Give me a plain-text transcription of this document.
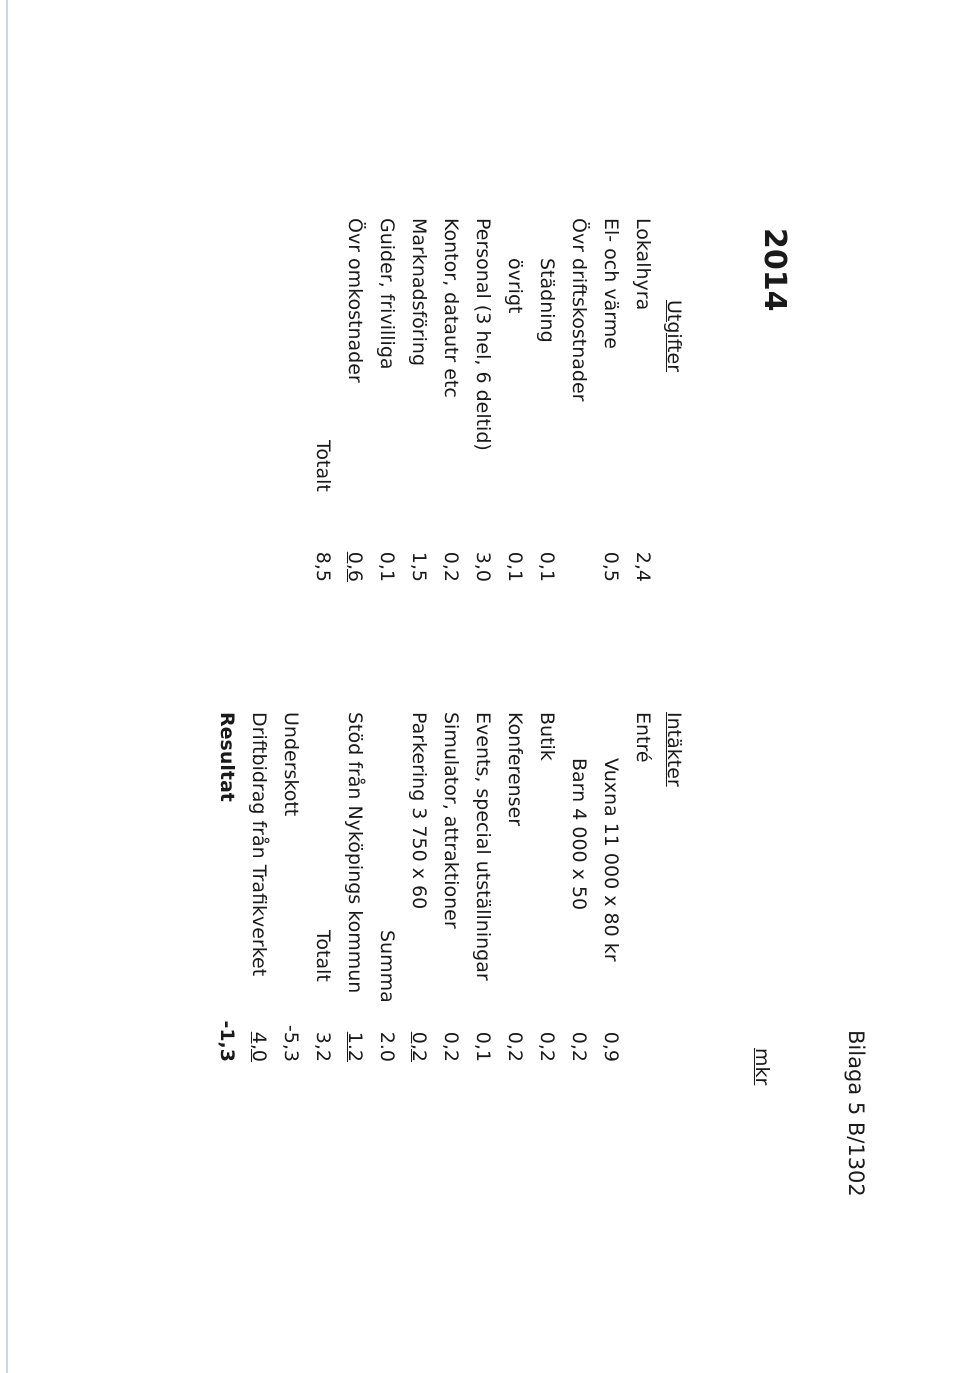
2014
Bilaga 5 B/1302
mkr
Utgifter
Lokalhyra
2,4
El- och värme
0,5
Övr driftskostnader
Städning
0,1
övrigt
0,1
Personal (3 hel, 6 deltid)
3,0
Kontor, datautr etc
0,2
Marknadsföring
1,5
Guider, frivilliga
0,1
Övr omkostnader
0,6
Totalt
8,5
Intäkter
Entré
Vuxna 11 000 x 80 kr
0,9
Barn 4 000 x 50
0,2
Butik
0,2
Konferenser
0,2
Events, special utställningar
0,1
Simulator, attraktioner
0,2
Parkering 3 750 x 60
0,2
Summa
2.0
Stöd från Nyköpings kommun
1.2
Totalt
3,2
Underskott
-5,3
Driftbidrag från Trafikverket
4,0
Resultat
-1,3
